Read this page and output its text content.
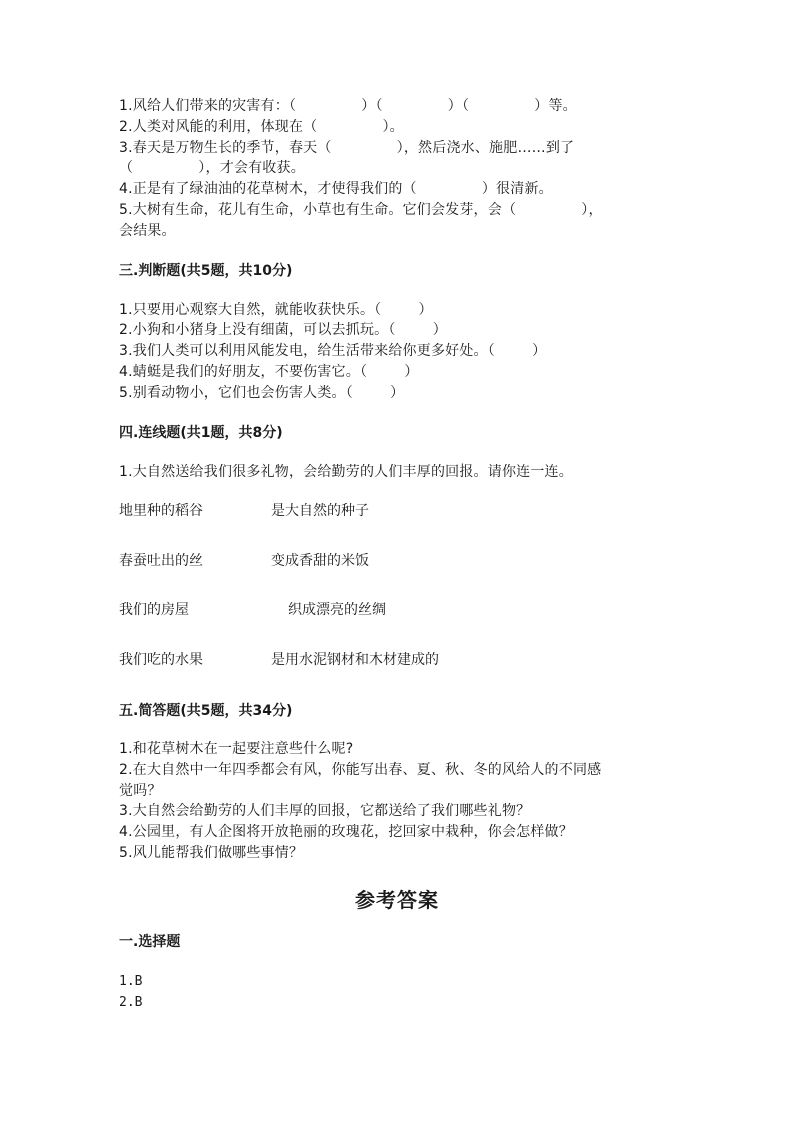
1.风给人们带来的灾害有：（              ）（              ）（              ）等。
2.人类对风能的利用，体现在（              ）。
3.春天是万物生长的季节，春天（              ），然后浇水、施肥……到了
（              ），才会有收获。
4.正是有了绿油油的花草树木，才使得我们的（              ）很清新。
5.大树有生命，花儿有生命，小草也有生命。它们会发芽，会（              ），
会结果。
三.判断题(共5题，共10分)
1.只要用心观察大自然，就能收获快乐。（        ）
2.小狗和小猪身上没有细菌，可以去抓玩。（        ）
3.我们人类可以利用风能发电，给生活带来给你更多好处。（        ）
4.蜻蜓是我们的好朋友，不要伤害它。（        ）
5.别看动物小，它们也会伤害人类。（        ）
四.连线题(共1题，共8分)
1.大自然送给我们很多礼物，会给勤劳的人们丰厚的回报。请你连一连。
地里种的稻谷	是大自然的种子
春蚕吐出的丝	变成香甜的米饭
我们的房屋	织成漂亮的丝绸
我们吃的水果	是用水泥钢材和木材建成的
五.简答题(共5题，共34分)
1.和花草树木在一起要注意些什么呢?
2.在大自然中一年四季都会有风，你能写出春、夏、秋、冬的风给人的不同感
觉吗？
3.大自然会给勤劳的人们丰厚的回报，它都送给了我们哪些礼物？
4.公园里，有人企图将开放艳丽的玫瑰花，挖回家中栽种，你会怎样做？
5.风儿能帮我们做哪些事情？
参考答案
一.选择题
1.B
2.B
